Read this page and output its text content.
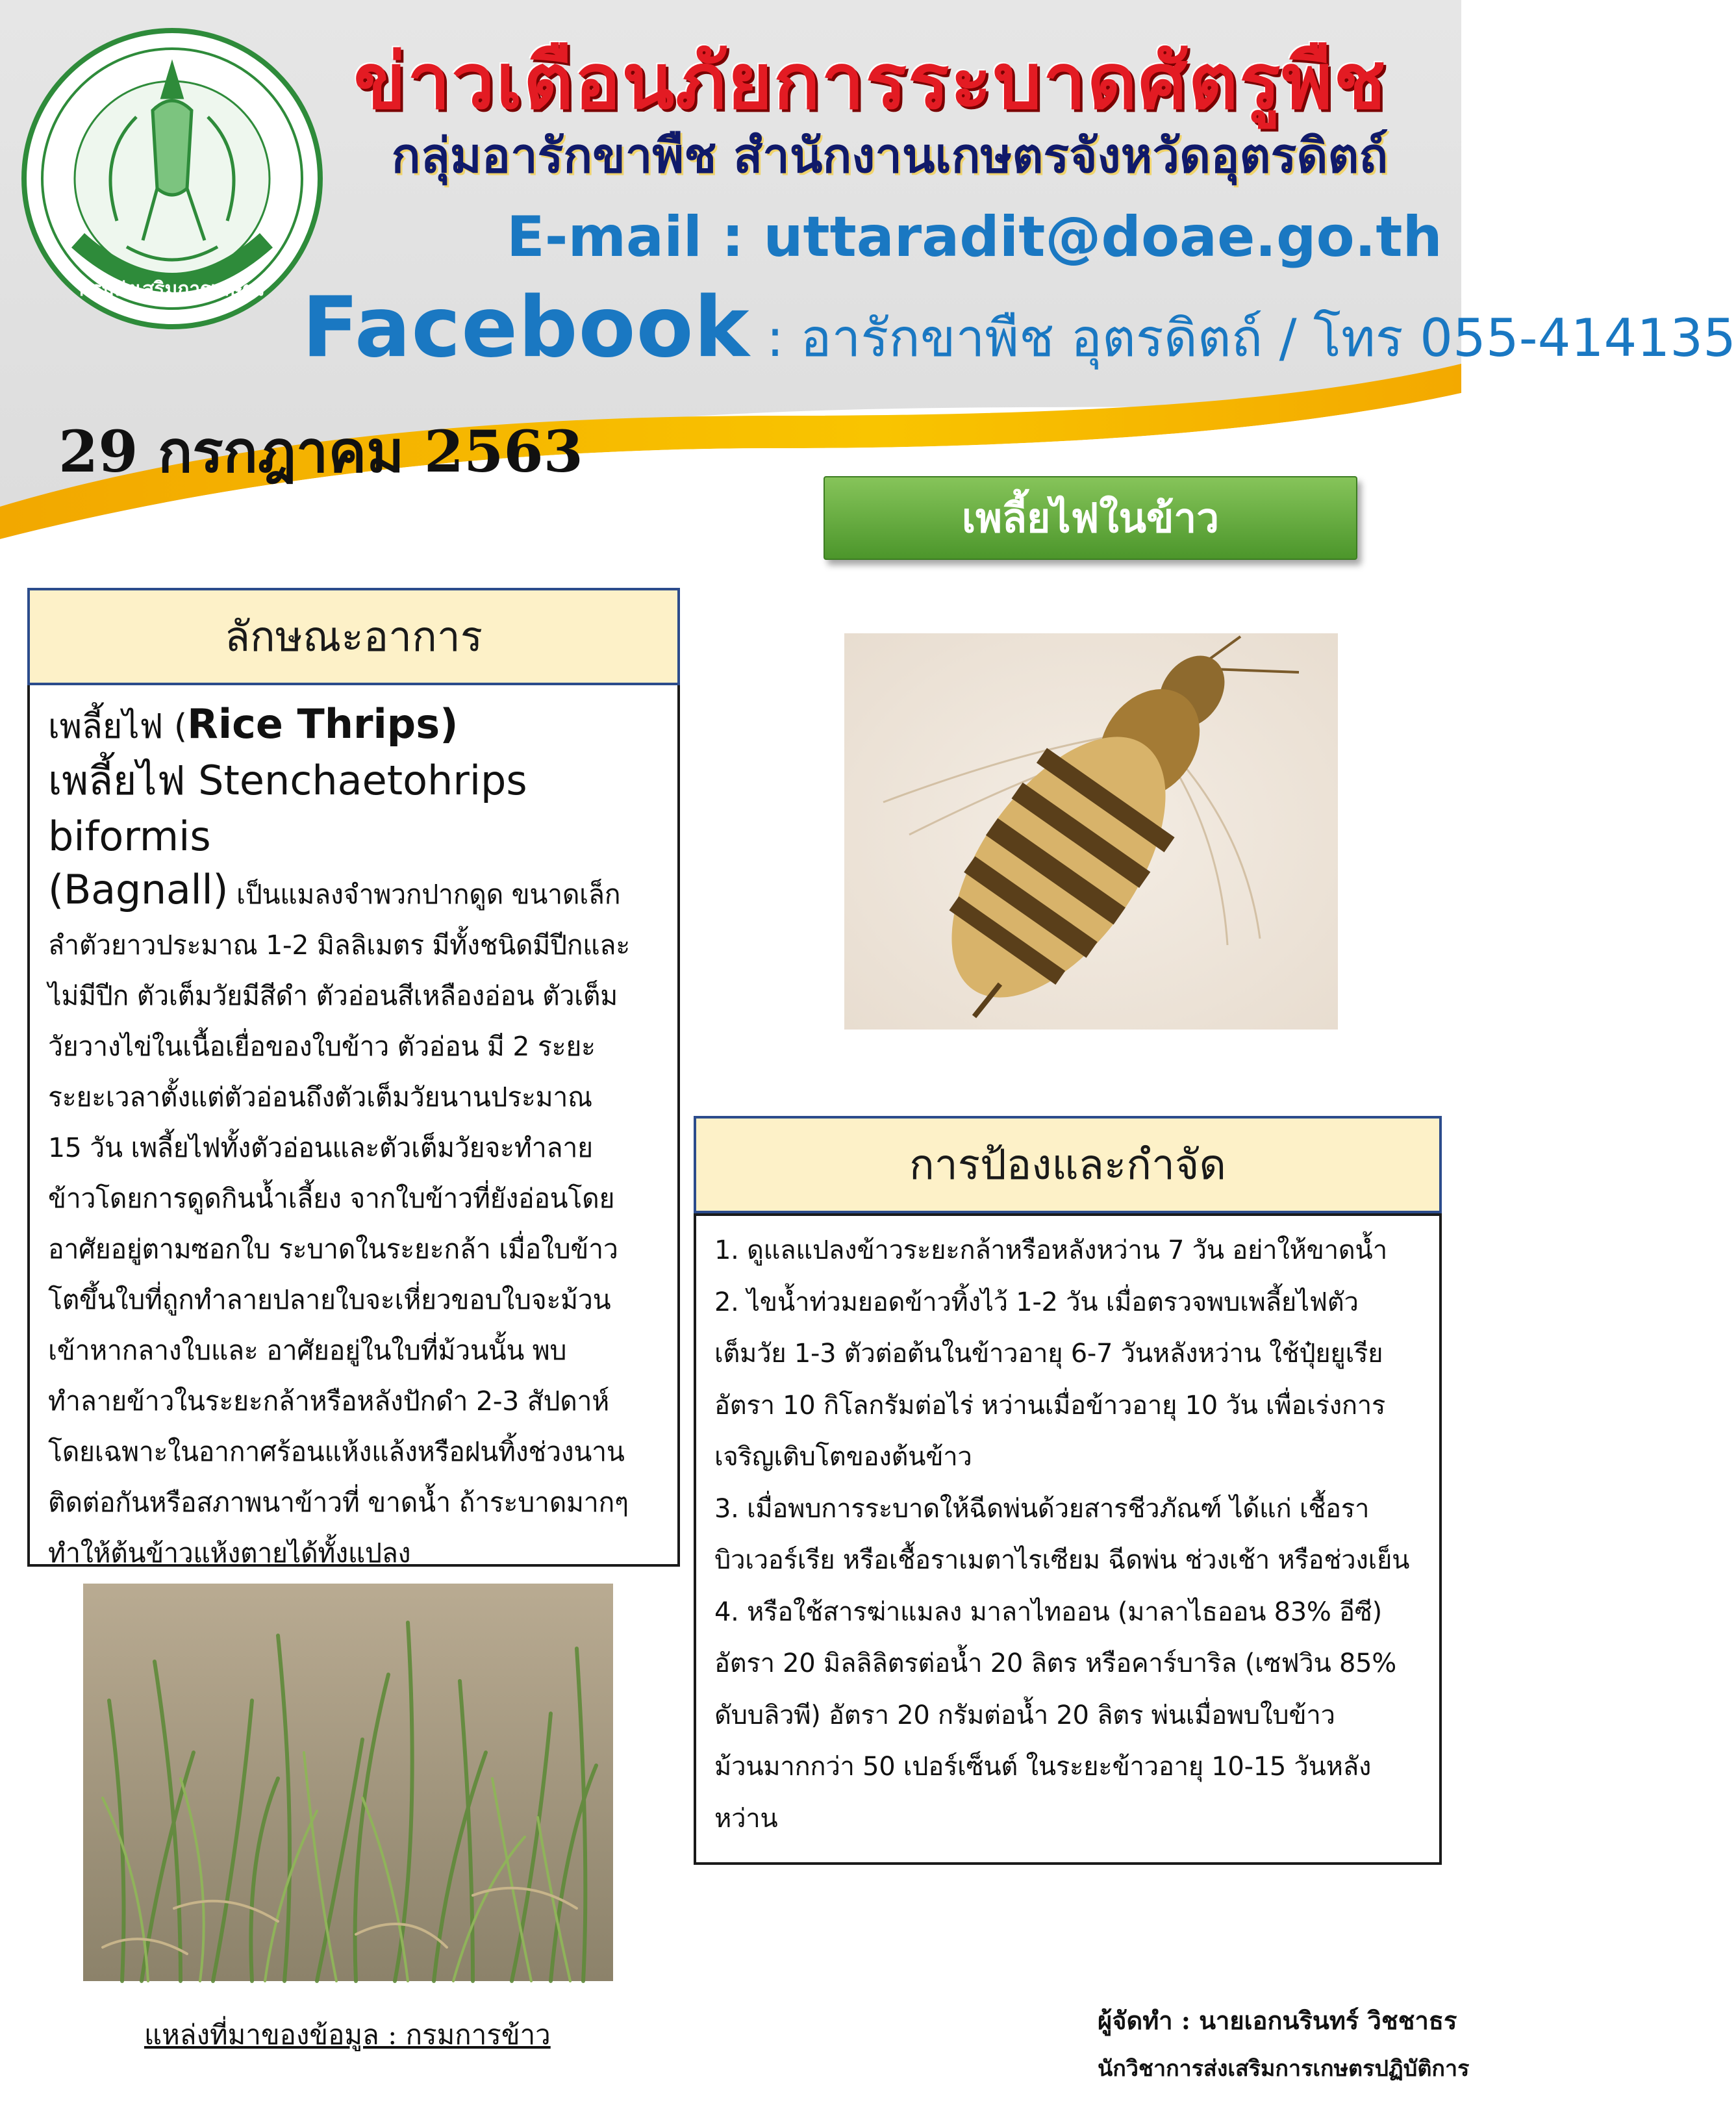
กรมส่งเสริมการเกษตร
ข่าวเตือนภัยการระบาดศัตรูพืช
กลุ่มอารักขาพืช สำนักงานเกษตรจังหวัดอุตรดิตถ์
E-mail : uttaradit@doae.go.th
Facebook : อารักขาพืช อุตรดิตถ์ / โทร 055-414135
29 กรกฎาคม 2563
เพลี้ยไฟในข้าว
ลักษณะอาการ
เพลี้ยไฟ (Rice Thrips)
เพลี้ยไฟ Stenchaetohrips biformis
(Bagnall) เป็นแมลงจำพวกปากดูด ขนาดเล็ก
ลำตัวยาวประมาณ 1-2 มิลลิเมตร มีทั้งชนิดมีปีกและ
ไม่มีปีก ตัวเต็มวัยมีสีดำ ตัวอ่อนสีเหลืองอ่อน ตัวเต็ม
วัยวางไข่ในเนื้อเยื่อของใบข้าว ตัวอ่อน มี 2 ระยะ
ระยะเวลาตั้งแต่ตัวอ่อนถึงตัวเต็มวัยนานประมาณ
15 วัน เพลี้ยไฟทั้งตัวอ่อนและตัวเต็มวัยจะทำลาย
ข้าวโดยการดูดกินน้ำเลี้ยง จากใบข้าวที่ยังอ่อนโดย
อาศัยอยู่ตามซอกใบ ระบาดในระยะกล้า เมื่อใบข้าว
โตขึ้นใบที่ถูกทำลายปลายใบจะเหี่ยวขอบใบจะม้วน
เข้าหากลางใบและ อาศัยอยู่ในใบที่ม้วนนั้น พบ
ทำลายข้าวในระยะกล้าหรือหลังปักดำ 2-3 สัปดาห์
โดยเฉพาะในอากาศร้อนแห้งแล้งหรือฝนทิ้งช่วงนาน
ติดต่อกันหรือสภาพนาข้าวที่ ขาดน้ำ ถ้าระบาดมากๆ
ทำให้ต้นข้าวแห้งตายได้ทั้งแปลง
การป้องและกำจัด
1. ดูแลแปลงข้าวระยะกล้าหรือหลังหว่าน 7 วัน อย่าให้ขาดน้ำ
2. ไขน้ำท่วมยอดข้าวทิ้งไว้ 1-2 วัน เมื่อตรวจพบเพลี้ยไฟตัว
เต็มวัย 1-3 ตัวต่อต้นในข้าวอายุ 6-7 วันหลังหว่าน ใช้ปุ๋ยยูเรีย
อัตรา 10 กิโลกรัมต่อไร่ หว่านเมื่อข้าวอายุ 10 วัน เพื่อเร่งการ
เจริญเติบโตของต้นข้าว
3. เมื่อพบการระบาดให้ฉีดพ่นด้วยสารชีวภัณฑ์ ได้แก่ เชื้อรา
บิวเวอร์เรีย หรือเชื้อราเมตาไรเซียม ฉีดพ่น ช่วงเช้า หรือช่วงเย็น
4. หรือใช้สารฆ่าแมลง มาลาไทออน (มาลาไธออน 83% อีซี)
อัตรา 20 มิลลิลิตรต่อน้ำ 20 ลิตร หรือคาร์บาริล (เซฟวิน 85%
ดับบลิวพี) อัตรา 20 กรัมต่อน้ำ 20 ลิตร พ่นเมื่อพบใบข้าว
ม้วนมากกว่า 50 เปอร์เซ็นต์ ในระยะข้าวอายุ 10-15 วันหลัง
หว่าน
แหล่งที่มาของข้อมูล : กรมการข้าว	ผู้จัดทำ : นายเอกนรินทร์ วิชชาธร
นักวิชาการส่งเสริมการเกษตรปฏิบัติการ
